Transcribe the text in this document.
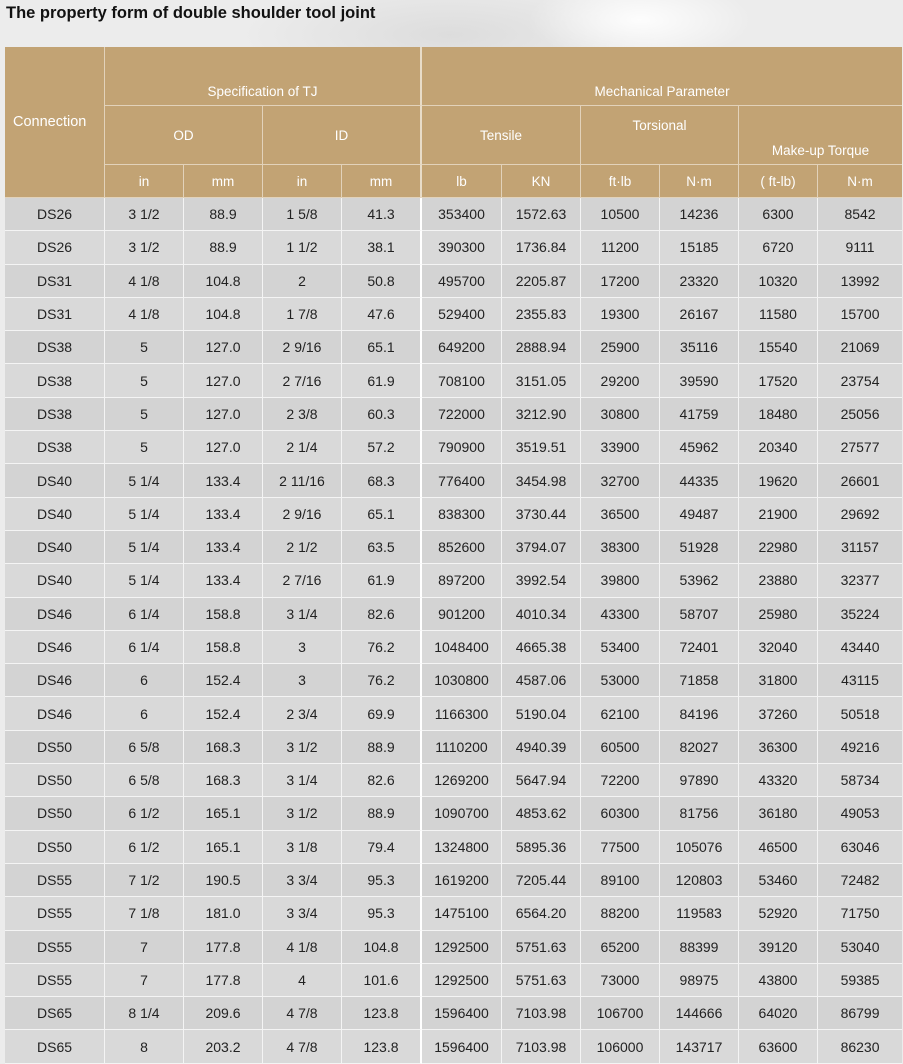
The property form of double shoulder tool joint
Connection	Specification of TJ				Mechanical Parameter					
	OD		ID		Tensile		Torsional		Make-up Torque	
	in	mm	in	mm	lb	KN	ft·lb	N·m	( ft-lb)	N·m
DS26	3 1/2	88.9	1 5/8	41.3	353400	1572.63	10500	14236	6300	8542
DS26	3 1/2	88.9	1 1/2	38.1	390300	1736.84	11200	15185	6720	9111
DS31	4 1/8	104.8	2	50.8	495700	2205.87	17200	23320	10320	13992
DS31	4 1/8	104.8	1 7/8	47.6	529400	2355.83	19300	26167	11580	15700
DS38	5	127.0	2 9/16	65.1	649200	2888.94	25900	35116	15540	21069
DS38	5	127.0	2 7/16	61.9	708100	3151.05	29200	39590	17520	23754
DS38	5	127.0	2 3/8	60.3	722000	3212.90	30800	41759	18480	25056
DS38	5	127.0	2 1/4	57.2	790900	3519.51	33900	45962	20340	27577
DS40	5 1/4	133.4	2 11/16	68.3	776400	3454.98	32700	44335	19620	26601
DS40	5 1/4	133.4	2 9/16	65.1	838300	3730.44	36500	49487	21900	29692
DS40	5 1/4	133.4	2 1/2	63.5	852600	3794.07	38300	51928	22980	31157
DS40	5 1/4	133.4	2 7/16	61.9	897200	3992.54	39800	53962	23880	32377
DS46	6 1/4	158.8	3 1/4	82.6	901200	4010.34	43300	58707	25980	35224
DS46	6 1/4	158.8	3	76.2	1048400	4665.38	53400	72401	32040	43440
DS46	6	152.4	3	76.2	1030800	4587.06	53000	71858	31800	43115
DS46	6	152.4	2 3/4	69.9	1166300	5190.04	62100	84196	37260	50518
DS50	6 5/8	168.3	3 1/2	88.9	1110200	4940.39	60500	82027	36300	49216
DS50	6 5/8	168.3	3 1/4	82.6	1269200	5647.94	72200	97890	43320	58734
DS50	6 1/2	165.1	3 1/2	88.9	1090700	4853.62	60300	81756	36180	49053
DS50	6 1/2	165.1	3 1/8	79.4	1324800	5895.36	77500	105076	46500	63046
DS55	7 1/2	190.5	3 3/4	95.3	1619200	7205.44	89100	120803	53460	72482
DS55	7 1/8	181.0	3 3/4	95.3	1475100	6564.20	88200	119583	52920	71750
DS55	7	177.8	4 1/8	104.8	1292500	5751.63	65200	88399	39120	53040
DS55	7	177.8	4	101.6	1292500	5751.63	73000	98975	43800	59385
DS65	8 1/4	209.6	4 7/8	123.8	1596400	7103.98	106700	144666	64020	86799
DS65	8	203.2	4 7/8	123.8	1596400	7103.98	106000	143717	63600	86230
